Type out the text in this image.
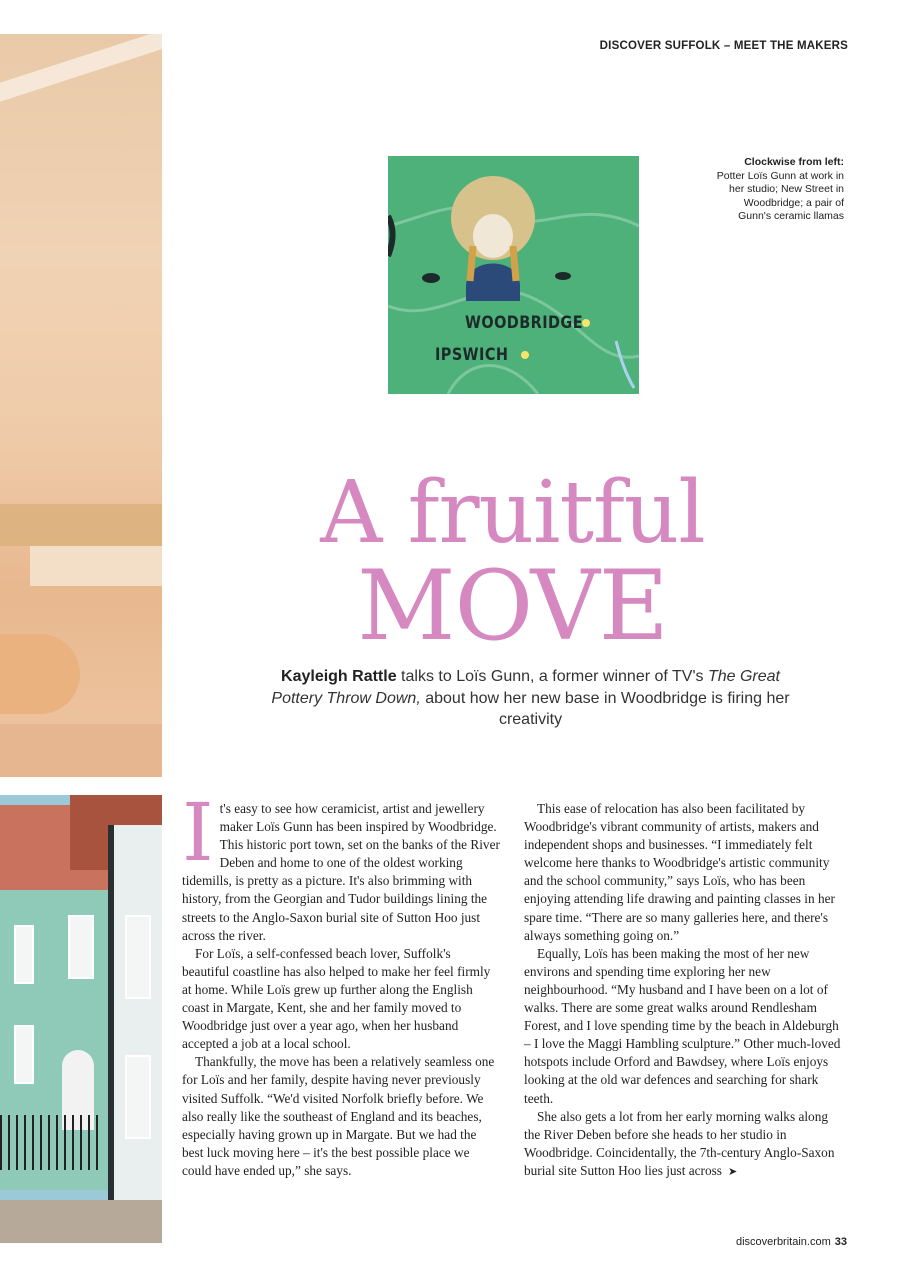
DISCOVER SUFFOLK – MEET THE MAKERS
WOODBRIDGE
IPSWICH
Clockwise from left:
Potter Loïs Gunn at work in her studio; New Street in Woodbridge; a pair of Gunn's ceramic llamas
A fruitful
MOVE
Kayleigh Rattle talks to Loïs Gunn, a former winner of TV's The Great Pottery Throw Down, about how her new base in Woodbridge is firing her creativity

It's easy to see how ceramicist, artist and jewellery maker Loïs Gunn has been inspired by Woodbridge. This historic port town, set on the banks of the River Deben and home to one of the oldest working tidemills, is pretty as a picture. It's also brimming with history, from the Georgian and Tudor buildings lining the streets to the Anglo-Saxon burial site of Sutton Hoo just across the river.

For Loïs, a self-confessed beach lover, Suffolk's beautiful coastline has also helped to make her feel firmly at home. While Loïs grew up further along the English coast in Margate, Kent, she and her family moved to Woodbridge just over a year ago, when her husband accepted a job at a local school.

Thankfully, the move has been a relatively seamless one for Loïs and her family, despite having never previously visited Suffolk. “We'd visited Norfolk briefly before. We also really like the southeast of England and its beaches, especially having grown up in Margate. But we had the best luck moving here – it's the best possible place we could have ended up,” she says.

This ease of relocation has also been facilitated by Woodbridge's vibrant community of artists, makers and independent shops and businesses. “I immediately felt welcome here thanks to Woodbridge's artistic community and the school community,” says Loïs, who has been enjoying attending life drawing and painting classes in her spare time. “There are so many galleries here, and there's always something going on.”

Equally, Loïs has been making the most of her new environs and spending time exploring her new neighbourhood. “My husband and I have been on a lot of walks. There are some great walks around Rendlesham Forest, and I love spending time by the beach in Aldeburgh – I love the Maggi Hambling sculpture.” Other much-loved hotspots include Orford and Bawdsey, where Loïs enjoys looking at the old war defences and searching for shark teeth.

She also gets a lot from her early morning walks along the River Deben before she heads to her studio in Woodbridge. Coincidentally, the 7th-century Anglo-Saxon burial site Sutton Hoo lies just across ➤

discoverbritain.com 33
